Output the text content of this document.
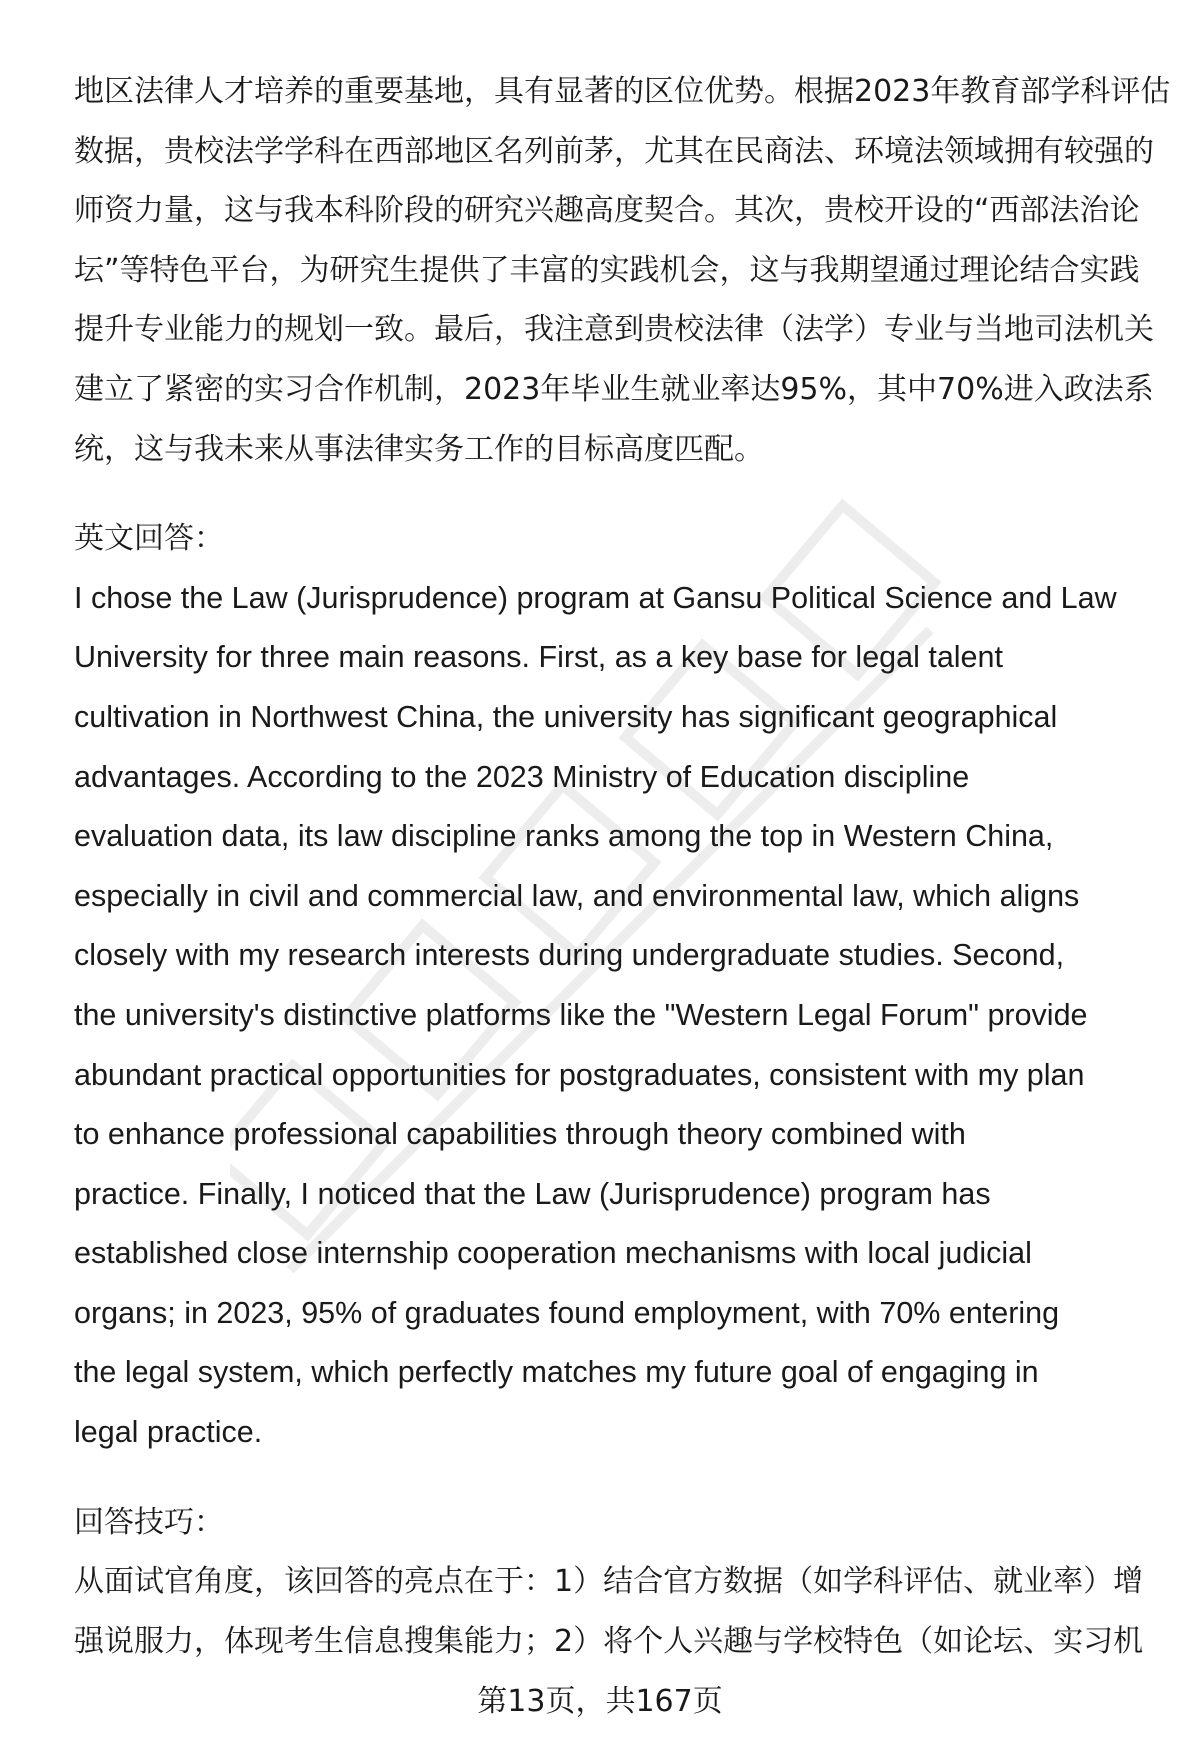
地区法律人才培养的重要基地，具有显著的区位优势。根据2023年教育部学科评估
数据，贵校法学学科在西部地区名列前茅，尤其在民商法、环境法领域拥有较强的
师资力量，这与我本科阶段的研究兴趣高度契合。其次，贵校开设的“西部法治论
坛”等特色平台，为研究生提供了丰富的实践机会，这与我期望通过理论结合实践
提升专业能力的规划一致。最后，我注意到贵校法律（法学）专业与当地司法机关
建立了紧密的实习合作机制，2023年毕业生就业率达95%，其中70%进入政法系
统，这与我未来从事法律实务工作的目标高度匹配。
英文回答：
I chose the Law (Jurisprudence) program at Gansu Political Science and Law
University for three main reasons. First, as a key base for legal talent
cultivation in Northwest China, the university has significant geographical
advantages. According to the 2023 Ministry of Education discipline
evaluation data, its law discipline ranks among the top in Western China,
especially in civil and commercial law, and environmental law, which aligns
closely with my research interests during undergraduate studies. Second,
the university's distinctive platforms like the "Western Legal Forum" provide
abundant practical opportunities for postgraduates, consistent with my plan
to enhance professional capabilities through theory combined with
practice. Finally, I noticed that the Law (Jurisprudence) program has
established close internship cooperation mechanisms with local judicial
organs; in 2023, 95% of graduates found employment, with 70% entering
the legal system, which perfectly matches my future goal of engaging in
legal practice.
回答技巧：
从面试官角度，该回答的亮点在于：1）结合官方数据（如学科评估、就业率）增
强说服力，体现考生信息搜集能力；2）将个人兴趣与学校特色（如论坛、实习机
第13页，共167页
